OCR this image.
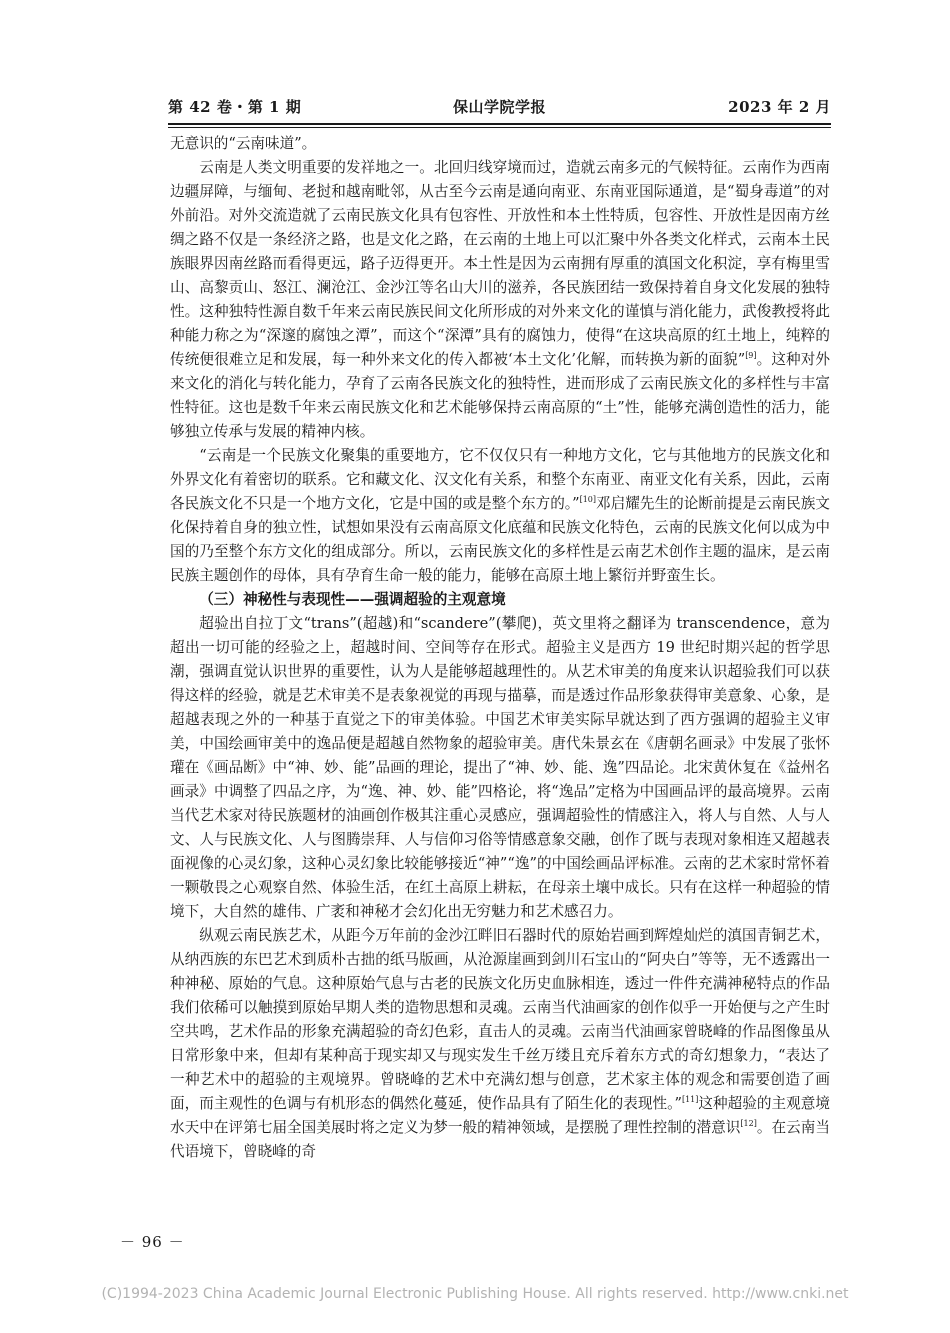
第 42 卷・第 1 期	保山学院学报	2023 年 2 月

无意识的“云南味道”。

云南是人类文明重要的发祥地之一。北回归线穿境而过，造就云南多元的气候特征。云南作为西南边疆屏障，与缅甸、老挝和越南毗邻，从古至今云南是通向南亚、东南亚国际通道，是“蜀身毒道”的对外前沿。对外交流造就了云南民族文化具有包容性、开放性和本土性特质，包容性、开放性是因南方丝绸之路不仅是一条经济之路，也是文化之路，在云南的土地上可以汇聚中外各类文化样式，云南本土民族眼界因南丝路而看得更远，路子迈得更开。本土性是因为云南拥有厚重的滇国文化积淀，享有梅里雪山、高黎贡山、怒江、澜沧江、金沙江等名山大川的滋养，各民族团结一致保持着自身文化发展的独特性。这种独特性源自数千年来云南民族民间文化所形成的对外来文化的谨慎与消化能力，武俊教授将此种能力称之为“深邃的腐蚀之潭”，而这个“深潭”具有的腐蚀力，使得“在这块高原的红土地上，纯粹的传统便很难立足和发展，每一种外来文化的传入都被‘本土文化’化解，而转换为新的面貌”[9]。这种对外来文化的消化与转化能力，孕育了云南各民族文化的独特性，进而形成了云南民族文化的多样性与丰富性特征。这也是数千年来云南民族文化和艺术能够保持云南高原的“土”性，能够充满创造性的活力，能够独立传承与发展的精神内核。

“云南是一个民族文化聚集的重要地方，它不仅仅只有一种地方文化，它与其他地方的民族文化和外界文化有着密切的联系。它和藏文化、汉文化有关系，和整个东南亚、南亚文化有关系，因此，云南各民族文化不只是一个地方文化，它是中国的或是整个东方的。”[10]邓启耀先生的论断前提是云南民族文化保持着自身的独立性，试想如果没有云南高原文化底蕴和民族文化特色，云南的民族文化何以成为中国的乃至整个东方文化的组成部分。所以，云南民族文化的多样性是云南艺术创作主题的温床，是云南民族主题创作的母体，具有孕育生命一般的能力，能够在高原土地上繁衍并野蛮生长。

（三）神秘性与表现性——强调超验的主观意境

超验出自拉丁文“trans”(超越)和“scandere”(攀爬)，英文里将之翻译为 transcendence，意为超出一切可能的经验之上，超越时间、空间等存在形式。超验主义是西方 19 世纪时期兴起的哲学思潮，强调直觉认识世界的重要性，认为人是能够超越理性的。从艺术审美的角度来认识超验我们可以获得这样的经验，就是艺术审美不是表象视觉的再现与描摹，而是透过作品形象获得审美意象、心象，是超越表现之外的一种基于直觉之下的审美体验。中国艺术审美实际早就达到了西方强调的超验主义审美，中国绘画审美中的逸品便是超越自然物象的超验审美。唐代朱景玄在《唐朝名画录》中发展了张怀瓘在《画品断》中“神、妙、能”品画的理论，提出了“神、妙、能、逸”四品论。北宋黄休复在《益州名画录》中调整了四品之序，为“逸、神、妙、能”四格论，将“逸品”定格为中国画品评的最高境界。云南当代艺术家对待民族题材的油画创作极其注重心灵感应，强调超验性的情感注入，将人与自然、人与人文、人与民族文化、人与图腾崇拜、人与信仰习俗等情感意象交融，创作了既与表现对象相连又超越表面视像的心灵幻象，这种心灵幻象比较能够接近“神”“逸”的中国绘画品评标准。云南的艺术家时常怀着一颗敬畏之心观察自然、体验生活，在红土高原上耕耘，在母亲土壤中成长。只有在这样一种超验的情境下，大自然的雄伟、广袤和神秘才会幻化出无穷魅力和艺术感召力。

纵观云南民族艺术，从距今万年前的金沙江畔旧石器时代的原始岩画到辉煌灿烂的滇国青铜艺术，从纳西族的东巴艺术到质朴古拙的纸马版画，从沧源崖画到剑川石宝山的“阿央白”等等，无不透露出一种神秘、原始的气息。这种原始气息与古老的民族文化历史血脉相连，透过一件件充满神秘特点的作品我们依稀可以触摸到原始早期人类的造物思想和灵魂。云南当代油画家的创作似乎一开始便与之产生时空共鸣，艺术作品的形象充满超验的奇幻色彩，直击人的灵魂。云南当代油画家曾晓峰的作品图像虽从日常形象中来，但却有某种高于现实却又与现实发生千丝万缕且充斥着东方式的奇幻想象力，“表达了一种艺术中的超验的主观境界。曾晓峰的艺术中充满幻想与创意，艺术家主体的观念和需要创造了画面，而主观性的色调与有机形态的偶然化蔓延，使作品具有了陌生化的表现性。”[11]这种超验的主观意境水天中在评第七届全国美展时将之定义为梦一般的精神领域，是摆脱了理性控制的潜意识[12]。在云南当代语境下，曾晓峰的奇

－ 96 －
(C)1994-2023 China Academic Journal Electronic Publishing House. All rights reserved. http://www.cnki.net
